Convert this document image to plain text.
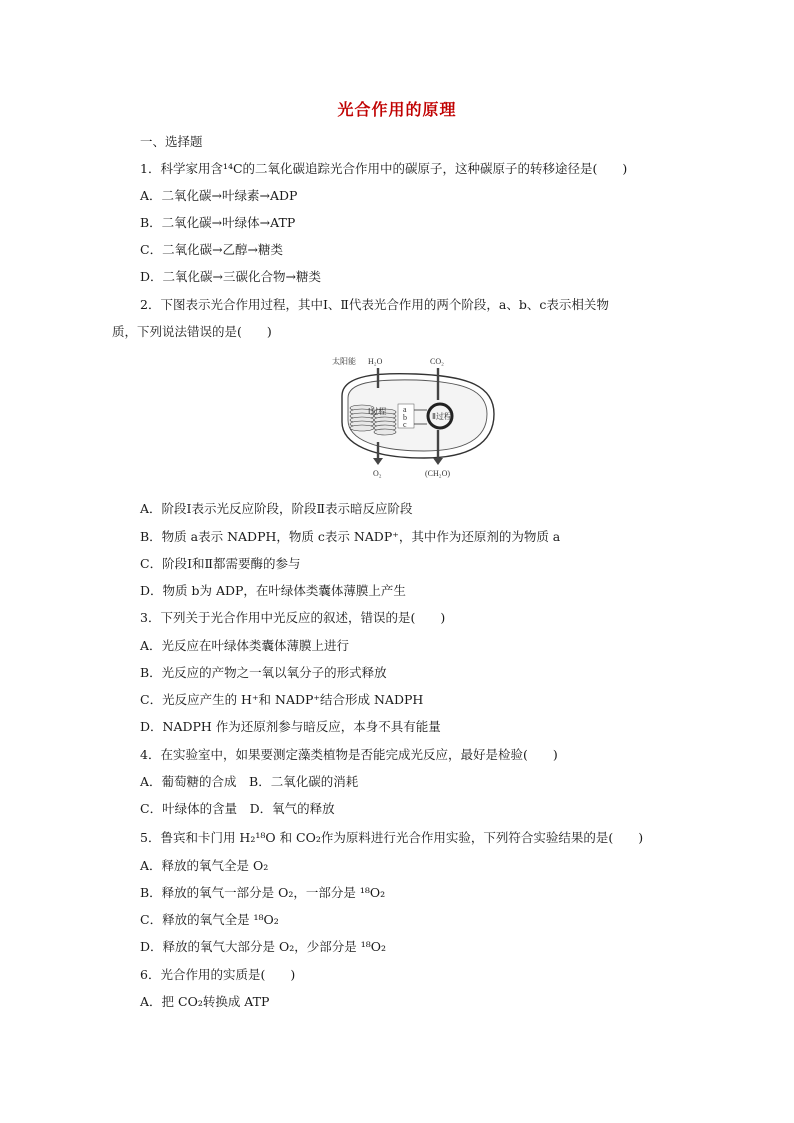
光合作用的原理
一、选择题
1．科学家用含¹⁴C的二氧化碳追踪光合作用中的碳原子，这种碳原子的转移途径是(　　)
A．二氧化碳→叶绿素→ADP
B．二氧化碳→叶绿体→ATP
C．二氧化碳→乙醇→糖类
D．二氧化碳→三碳化合物→糖类
2．下图表示光合作用过程，其中Ⅰ、Ⅱ代表光合作用的两个阶段，a、b、c表示相关物
质，下列说法错误的是(　　)
太阳能 H₂O	CO₂
Ⅰ过程
Ⅱ过程
a
b
c
O₂	(CH₂O)
A．阶段Ⅰ表示光反应阶段，阶段Ⅱ表示暗反应阶段
B．物质 a表示 NADPH，物质 c表示 NADP⁺，其中作为还原剂的为物质 a
C．阶段Ⅰ和Ⅱ都需要酶的参与
D．物质 b为 ADP，在叶绿体类囊体薄膜上产生
3．下列关于光合作用中光反应的叙述，错误的是(　　)
A．光反应在叶绿体类囊体薄膜上进行
B．光反应的产物之一氧以氧分子的形式释放
C．光反应产生的 H⁺和 NADP⁺结合形成 NADPH
D．NADPH 作为还原剂参与暗反应，本身不具有能量
4．在实验室中，如果要测定藻类植物是否能完成光反应，最好是检验(　　)
A．葡萄糖的合成　B．二氧化碳的消耗
C．叶绿体的含量　D．氧气的释放
5．鲁宾和卡门用 H₂¹⁸O 和 CO₂作为原料进行光合作用实验，下列符合实验结果的是(　　)
A．释放的氧气全是 O₂
B．释放的氧气一部分是 O₂，一部分是 ¹⁸O₂
C．释放的氧气全是 ¹⁸O₂
D．释放的氧气大部分是 O₂，少部分是 ¹⁸O₂
6．光合作用的实质是(　　)
A．把 CO₂转换成 ATP
